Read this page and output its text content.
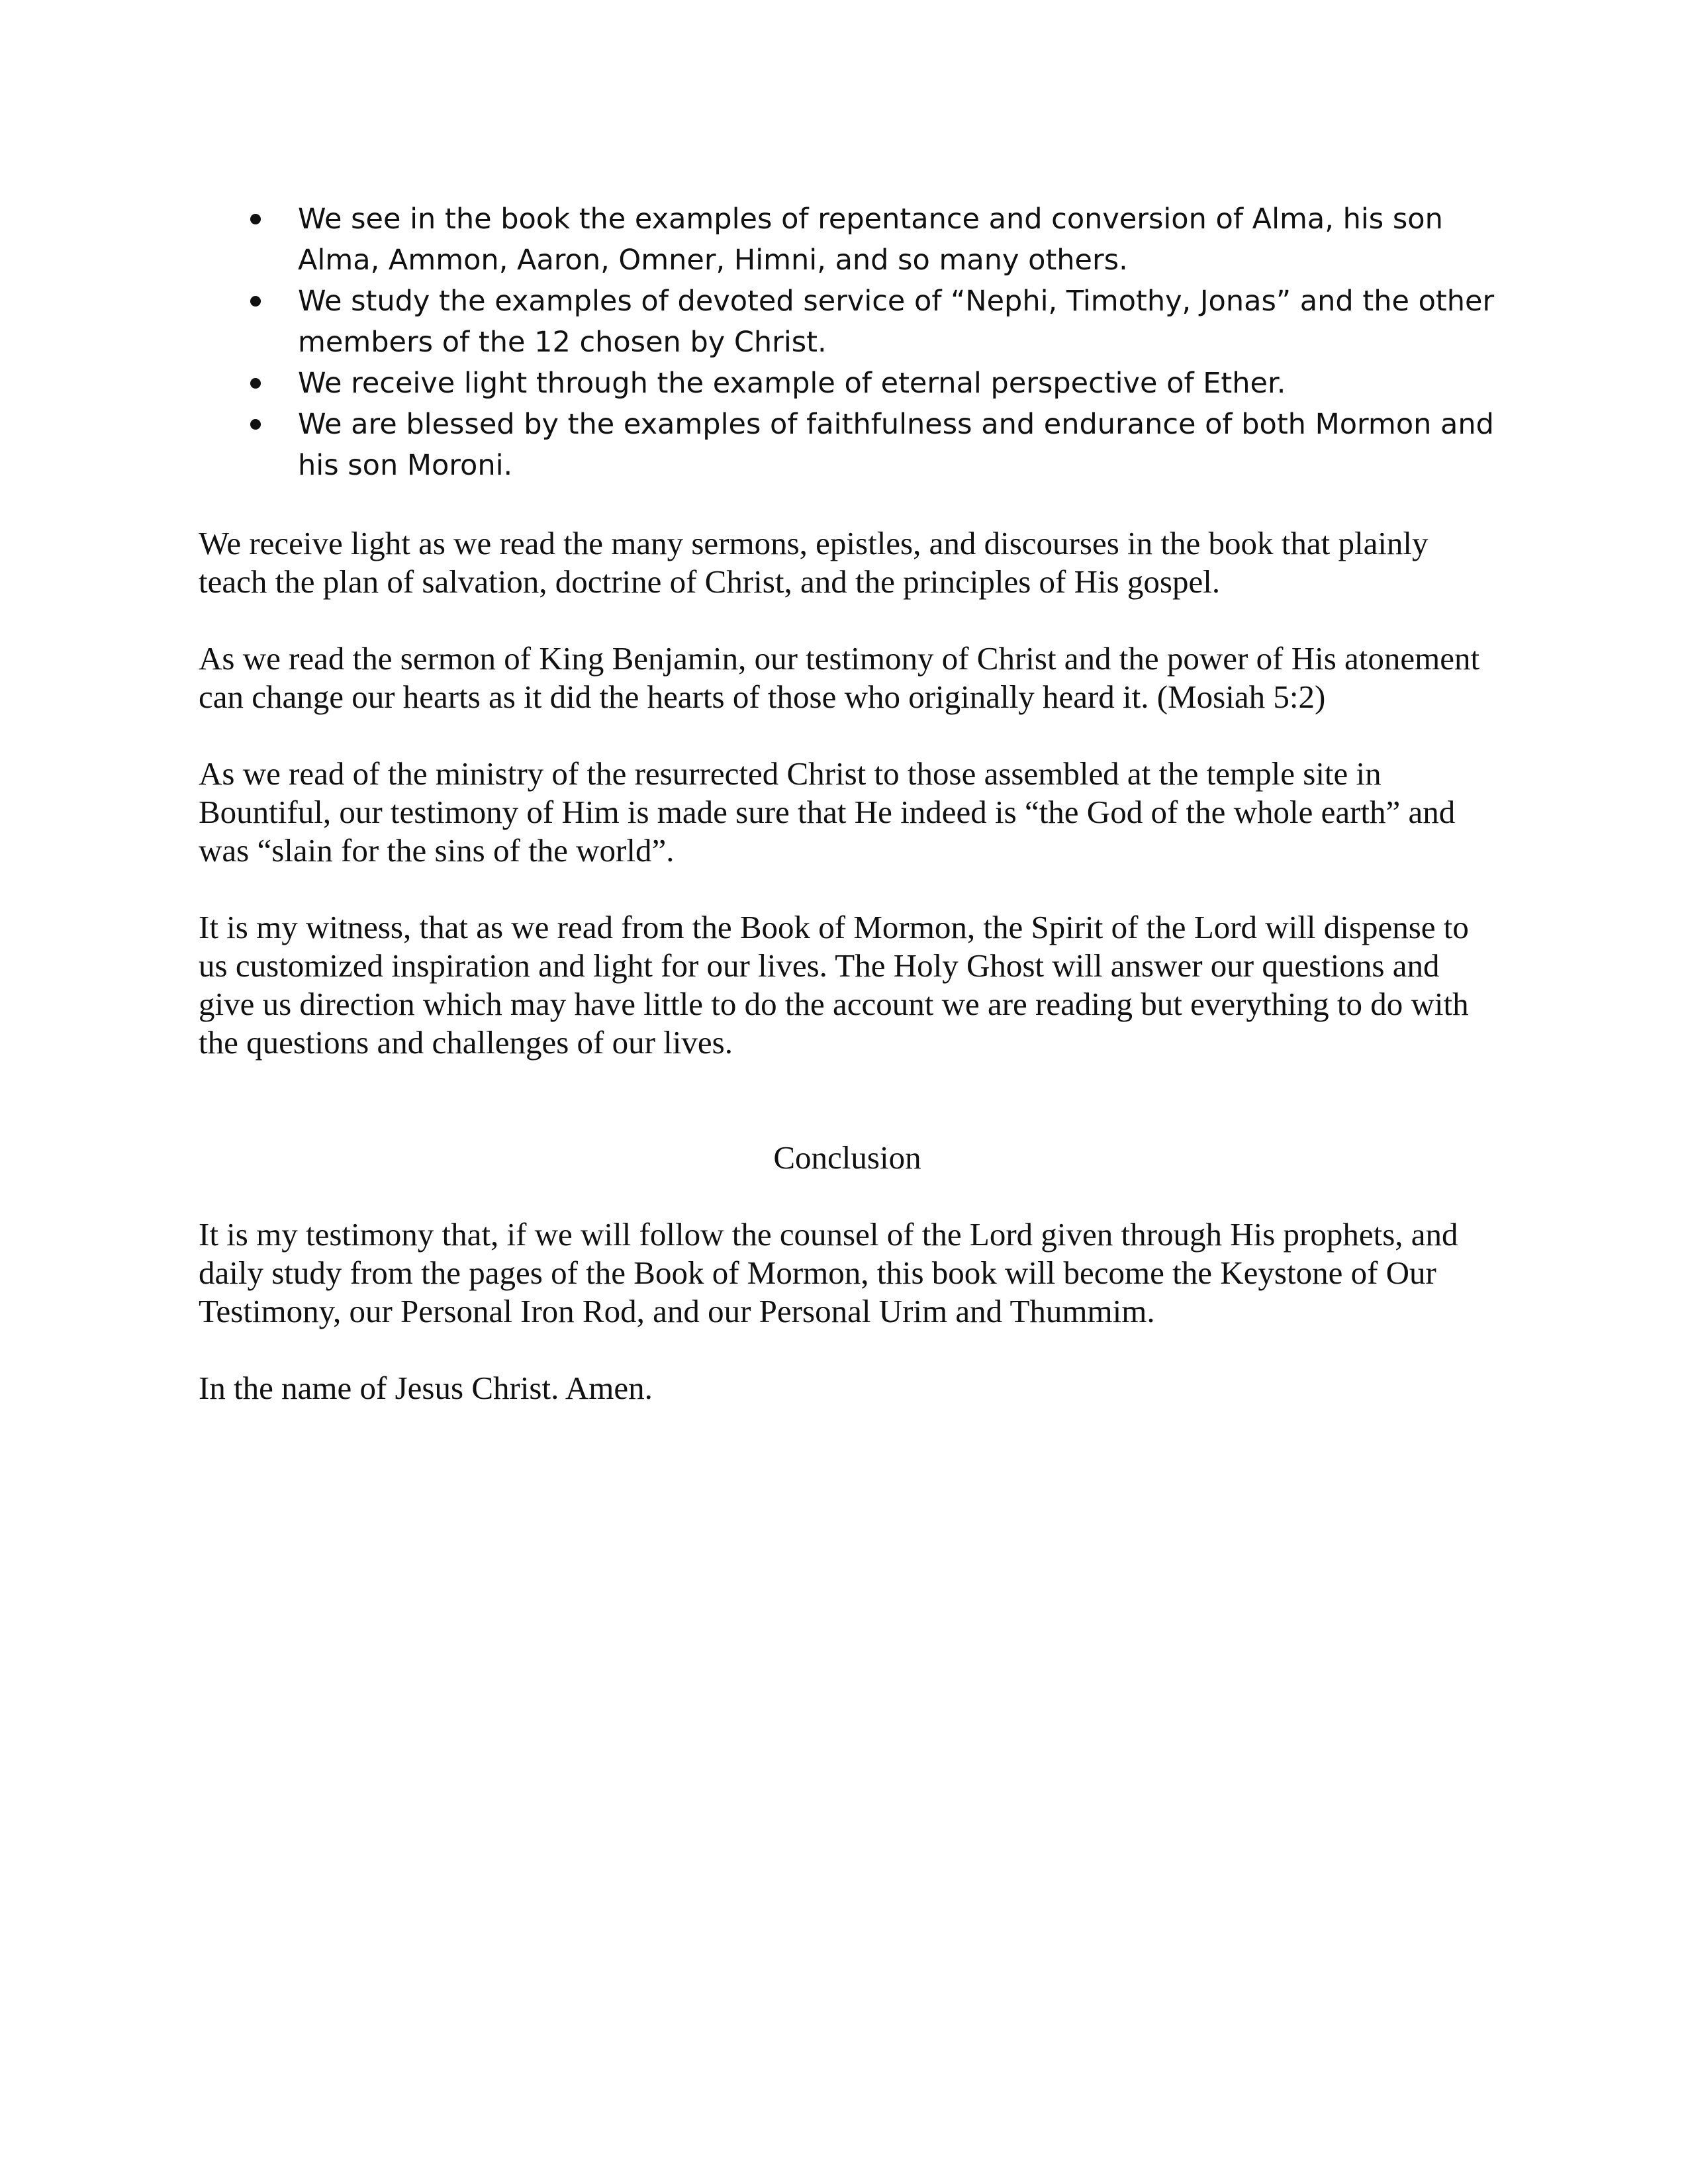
We see in the book the examples of repentance and conversion of Alma, his son Alma, Ammon, Aaron, Omner, Himni, and so many others.
We study the examples of devoted service of “Nephi, Timothy, Jonas” and the other members of the 12 chosen by Christ.
We receive light through the example of eternal perspective of Ether.
We are blessed by the examples of faithfulness and endurance of both Mormon and his son Moroni.

We receive light as we read the many sermons, epistles, and discourses in the book that plainly teach the plan of salvation, doctrine of Christ, and the principles of His gospel.

As we read the sermon of King Benjamin, our testimony of Christ and the power of His atonement can change our hearts as it did the hearts of those who originally heard it. (Mosiah 5:2)

As we read of the ministry of the resurrected Christ to those assembled at the temple site in Bountiful, our testimony of Him is made sure that He indeed is “the God of the whole earth” and was “slain for the sins of the world”.

It is my witness, that as we read from the Book of Mormon, the Spirit of the Lord will dispense to us customized inspiration and light for our lives. The Holy Ghost will answer our questions and give us direction which may have little to do the account we are reading but everything to do with the questions and challenges of our lives.

Conclusion

It is my testimony that, if we will follow the counsel of the Lord given through His prophets, and daily study from the pages of the Book of Mormon, this book will become the Keystone of Our Testimony, our Personal Iron Rod, and our Personal Urim and Thummim.

In the name of Jesus Christ. Amen.
